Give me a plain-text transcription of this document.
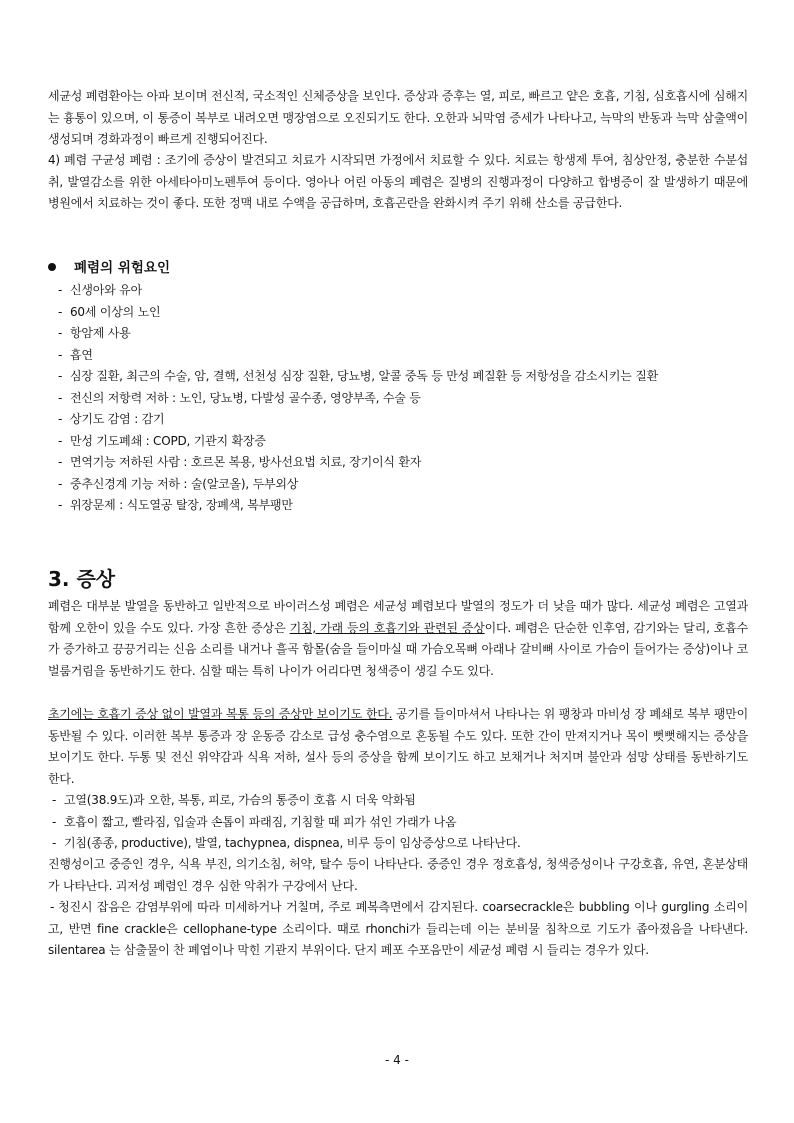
세균성 폐렴환아는 아파 보이며 전신적, 국소적인 신체증상을 보인다. 증상과 증후는 열, 피로, 빠르고 얕은 호흡, 기침, 심호흡시에 심해지는 흉통이 있으며, 이 통증이 복부로 내려오면 맹장염으로 오진되기도 한다. 오한과 뇌막염 증세가 나타나고, 늑막의 반동과 늑막 삼출액이 생성되며 경화과정이 빠르게 진행되어진다.

4) 폐렴 구균성 폐렴 : 조기에 증상이 발견되고 치료가 시작되면 가정에서 치료할 수 있다. 치료는 항생제 투여, 침상안정, 충분한 수분섭취, 발열감소를 위한 아세타아미노펜투여 등이다. 영아나 어린 아동의 폐렴은 질병의 진행과정이 다양하고 합병증이 잘 발생하기 때문에 병원에서 치료하는 것이 좋다. 또한 정맥 내로 수액을 공급하며, 호흡곤란을 완화시켜 주기 위해 산소를 공급한다.

폐렴의 위험요인
- 신생아와 유아
- 60세 이상의 노인
- 항암제 사용
- 흡연
- 심장 질환, 최근의 수술, 암, 결핵, 선천성 심장 질환, 당뇨병, 알콜 중독 등 만성 폐질환 등 저항성을 감소시키는 질환
- 전신의 저항력 저하 : 노인, 당뇨병, 다발성 골수종, 영양부족, 수술 등
- 상기도 감염 : 감기
- 만성 기도폐쇄 : COPD, 기관지 확장증
- 면역기능 저하된 사람 : 호르몬 복용, 방사선요법 치료, 장기이식 환자
- 중추신경계 기능 저하 : 술(알코올), 두부외상
- 위장문제 : 식도열공 탈장, 장폐색, 복부팽만
3. 증상

폐렴은 대부분 발열을 동반하고 일반적으로 바이러스성 폐렴은 세균성 폐렴보다 발열의 정도가 더 낮을 때가 많다. 세균성 폐렴은 고열과 함께 오한이 있을 수도 있다. 가장 흔한 증상은 기침, 가래 등의 호흡기와 관련된 증상이다. 폐렴은 단순한 인후염, 감기와는 달리, 호흡수가 증가하고 끙끙거리는 신음 소리를 내거나 흘곡 함몰(숨을 들이마실 때 가슴오목뼈 아래나 갈비뼈 사이로 가슴이 들어가는 증상)이나 코 벌룸거림을 동반하기도 한다. 심할 때는 특히 나이가 어리다면 청색증이 생길 수도 있다.

초기에는 호흡기 증상 없이 발열과 복통 등의 증상만 보이기도 한다. 공기를 들이마셔서 나타나는 위 팽창과 마비성 장 폐쇄로 복부 팽만이 동반될 수 있다. 이러한 복부 통증과 장 운동증 감소로 급성 충수염으로 혼동될 수도 있다. 또한 간이 만져지거나 목이 뻣뻣해지는 증상을 보이기도 한다. 두통 및 전신 위약감과 식욕 저하, 설사 등의 증상을 함께 보이기도 하고 보채거나 처지며 불안과 섬망 상태를 동반하기도 한다.

- 고열(38.9도)과 오한, 복통, 피로, 가슴의 통증이 호흡 시 더욱 악화됨
- 호흡이 짧고, 빨라짐, 입술과 손톱이 파래짐, 기침할 때 피가 섞인 가래가 나옴
- 기침(종종, productive), 발열, tachypnea, dispnea, 비루 등이 임상증상으로 나타난다.

진행성이고 중증인 경우, 식욕 부진, 의기소침, 허약, 탈수 등이 나타난다. 중증인 경우 정호흡성, 청색증성이나 구강호흡, 유연, 혼분상태가 나타난다. 괴저성 폐렴인 경우 심한 악취가 구강에서 난다.

- 청진시 잡음은 감염부위에 따라 미세하거나 거칠며, 주로 폐복측면에서 감지된다. coarsecrackle은 bubbling 이나 gurgling 소리이고, 반면 fine crackle은 cellophane-type 소리이다. 때로 rhonchi가 들리는데 이는 분비물 침착으로 기도가 좁아졌음을 나타낸다. silentarea 는 삼출물이 찬 폐엽이나 막힌 기관지 부위이다. 단지 폐포 수포음만이 세균성 폐렴 시 들리는 경우가 있다.

- 4 -
